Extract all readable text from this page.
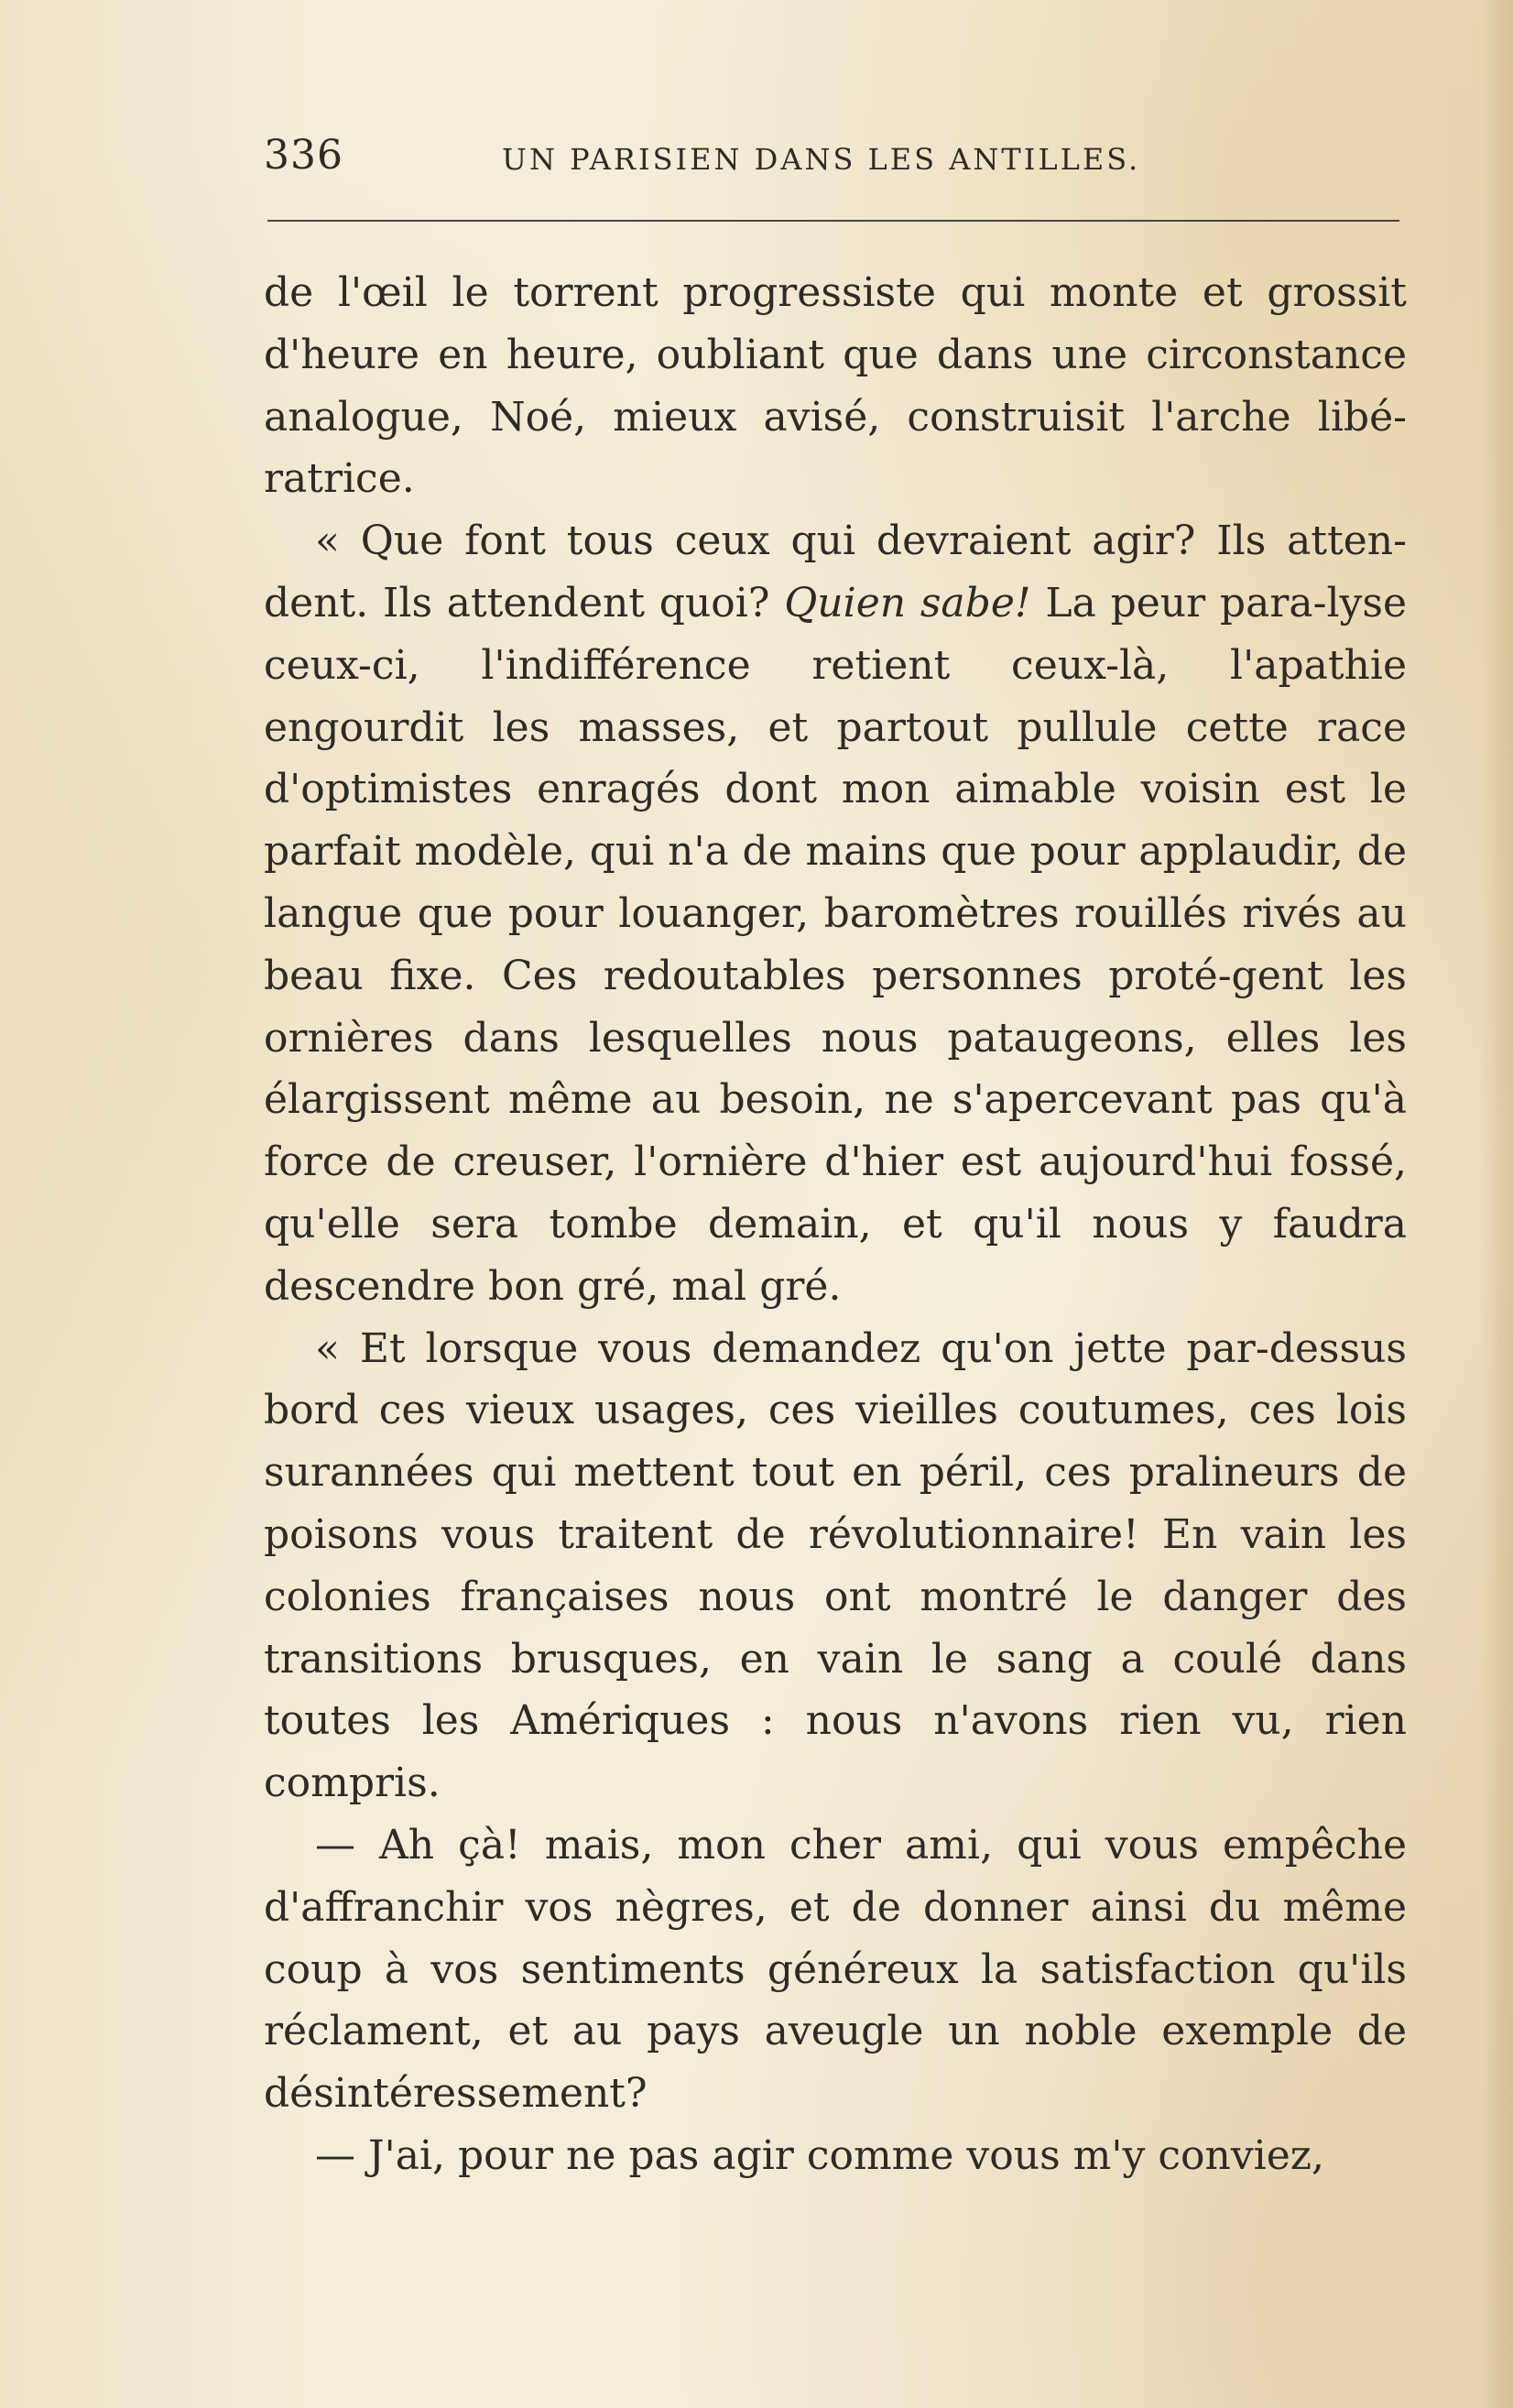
336	UN PARISIEN DANS LES ANTILLES.

de l'œil le torrent progressiste qui monte et grossit d'heure en heure, oubliant que dans une circonstance analogue, Noé, mieux avisé, construisit l'arche libé-ratrice.

« Que font tous ceux qui devraient agir? Ils atten-dent. Ils attendent quoi? Quien sabe! La peur para-lyse ceux-ci, l'indifférence retient ceux-là, l'apathie engourdit les masses, et partout pullule cette race d'optimistes enragés dont mon aimable voisin est le parfait modèle, qui n'a de mains que pour applaudir, de langue que pour louanger, baromètres rouillés rivés au beau fixe. Ces redoutables personnes proté-gent les ornières dans lesquelles nous pataugeons, elles les élargissent même au besoin, ne s'apercevant pas qu'à force de creuser, l'ornière d'hier est aujourd'hui fossé, qu'elle sera tombe demain, et qu'il nous y faudra descendre bon gré, mal gré.

« Et lorsque vous demandez qu'on jette par-dessus bord ces vieux usages, ces vieilles coutumes, ces lois surannées qui mettent tout en péril, ces pralineurs de poisons vous traitent de révolutionnaire! En vain les colonies françaises nous ont montré le danger des transitions brusques, en vain le sang a coulé dans toutes les Amériques : nous n'avons rien vu, rien compris.

— Ah çà! mais, mon cher ami, qui vous empêche d'affranchir vos nègres, et de donner ainsi du même coup à vos sentiments généreux la satisfaction qu'ils réclament, et au pays aveugle un noble exemple de désintéressement?

— J'ai, pour ne pas agir comme vous m'y conviez,
